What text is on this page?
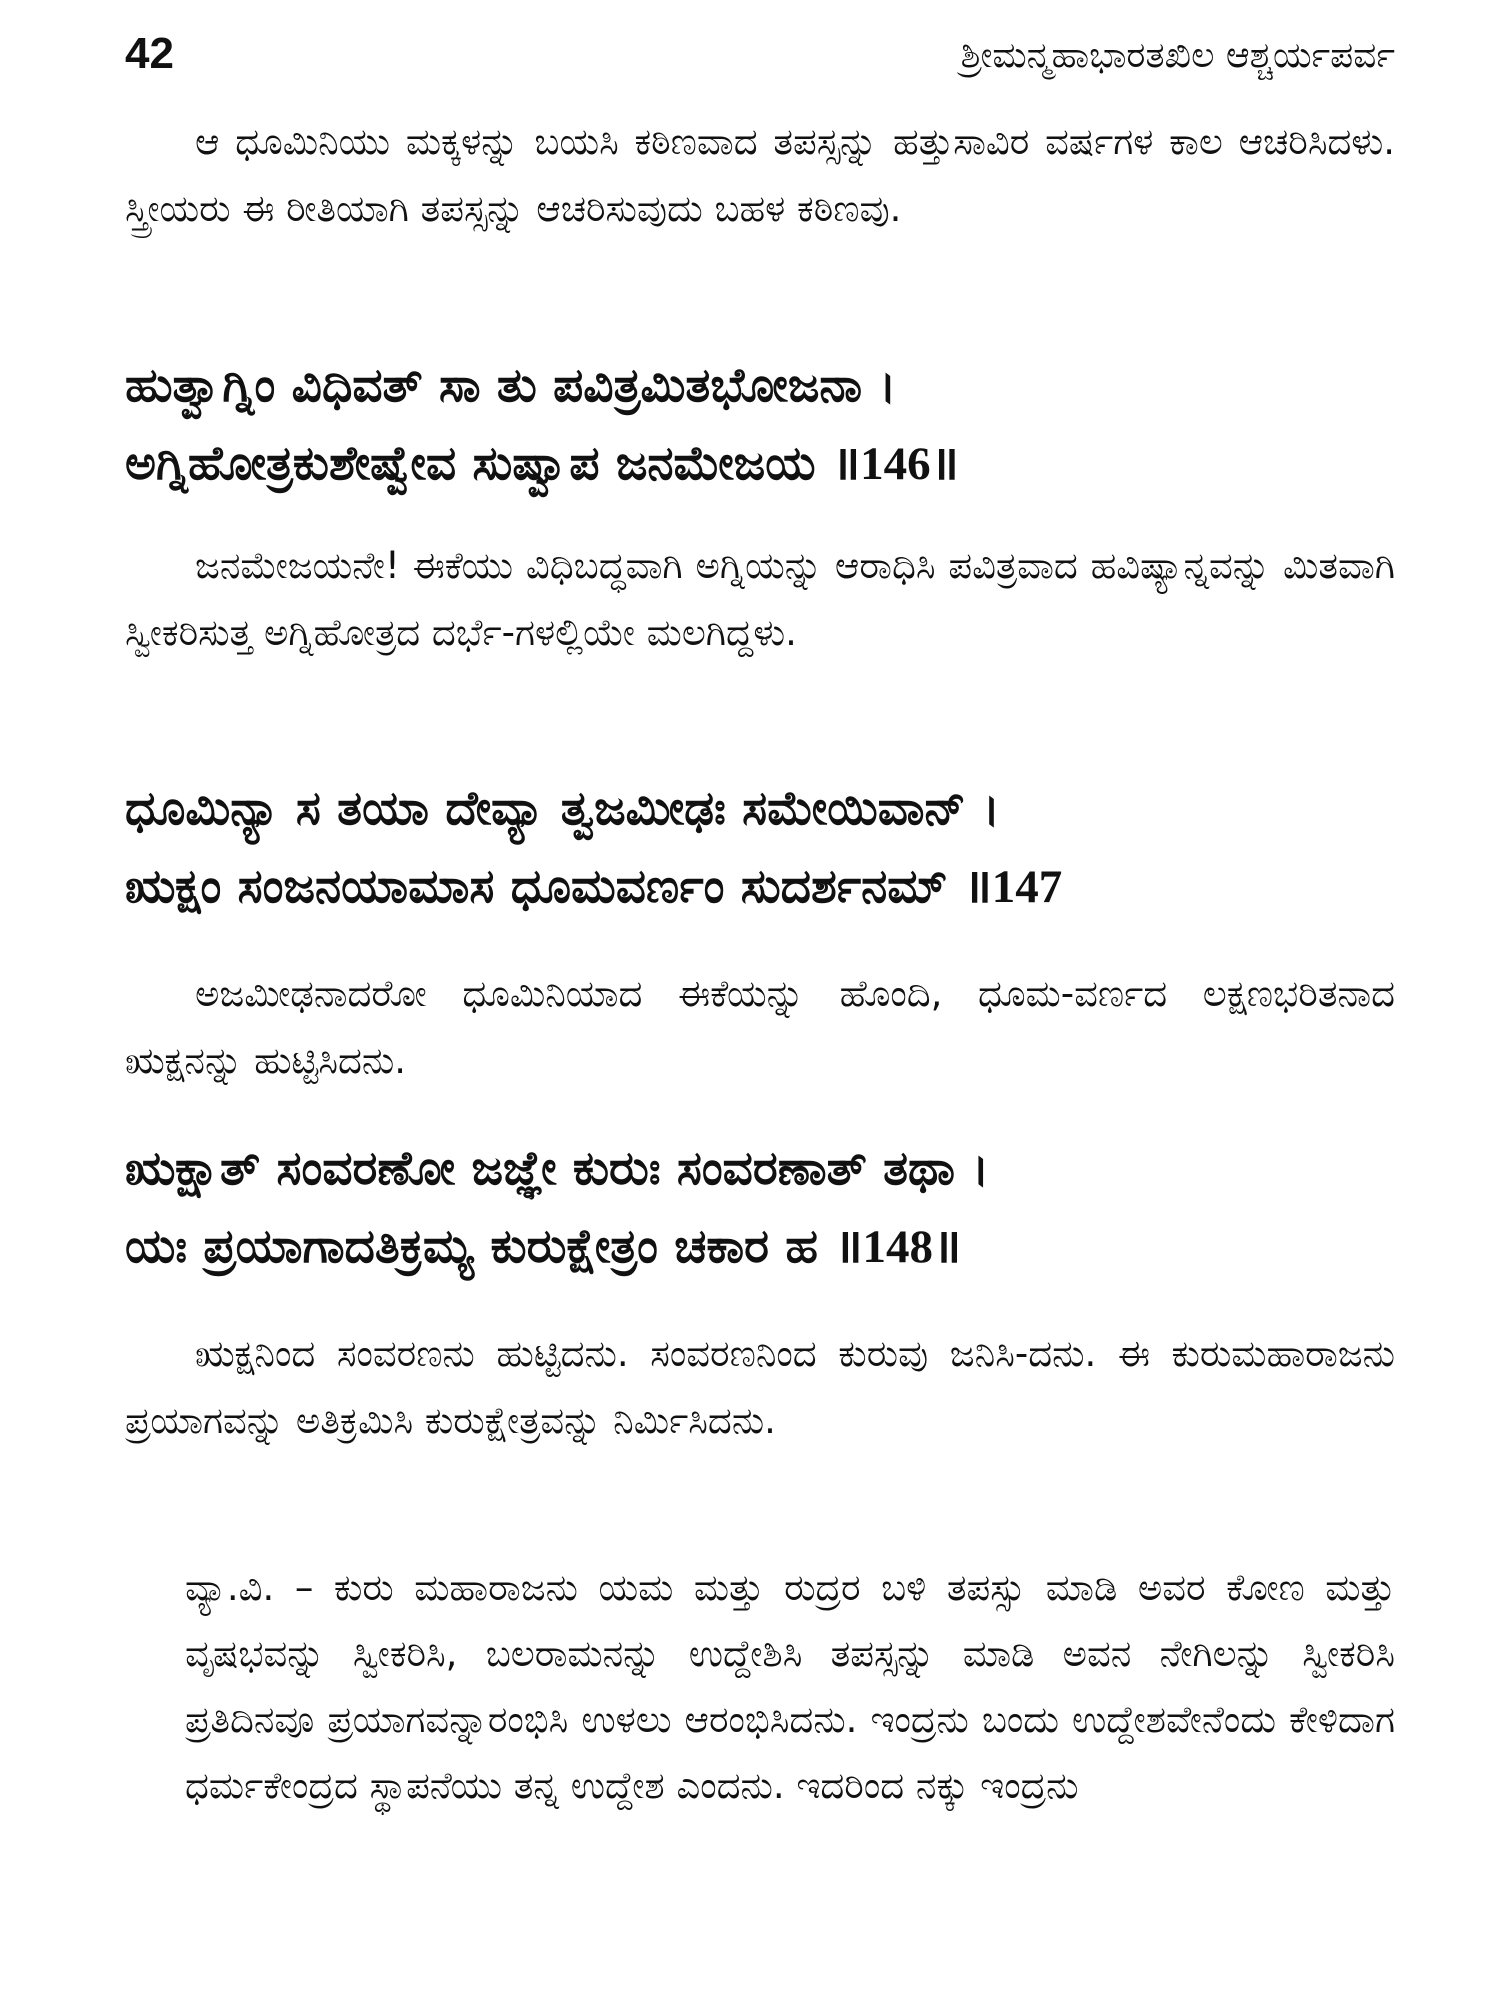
42	ಶ್ರೀಮನ್ಮಹಾಭಾರತಖಿಲ ಆಶ್ಚರ್ಯಪರ್ವ

ಆ ಧೂಮಿನಿಯು ಮಕ್ಕಳನ್ನು ಬಯಸಿ ಕಠಿಣವಾದ ತಪಸ್ಸನ್ನು ಹತ್ತುಸಾವಿರ ವರ್ಷಗಳ ಕಾಲ ಆಚರಿಸಿದಳು. ಸ್ತ್ರೀಯರು ಈ ರೀತಿಯಾಗಿ ತಪಸ್ಸನ್ನು ಆಚರಿಸುವುದು ಬಹಳ ಕಠಿಣವು.

ಹುತ್ವಾಗ್ನಿಂ ವಿಧಿವತ್ ಸಾ ತು ಪವಿತ್ರಮಿತಭೋಜನಾ ।

ಅಗ್ನಿಹೋತ್ರಕುಶೇಷ್ವೇವ ಸುಷ್ವಾಪ ಜನಮೇಜಯ ॥146॥

ಜನಮೇಜಯನೇ! ಈಕೆಯು ವಿಧಿಬದ್ಧವಾಗಿ ಅಗ್ನಿಯನ್ನು ಆರಾಧಿಸಿ ಪವಿತ್ರವಾದ ಹವಿಷ್ಯಾನ್ನವನ್ನು ಮಿತವಾಗಿ ಸ್ವೀಕರಿಸುತ್ತ ಅಗ್ನಿಹೋತ್ರದ ದರ್ಭೆ-ಗಳಲ್ಲಿಯೇ ಮಲಗಿದ್ದಳು.

ಧೂಮಿನ್ಯಾ ಸ ತಯಾ ದೇವ್ಯಾ ತ್ವಜಮೀಢಃ ಸಮೇಯಿವಾನ್ ।

ಋಕ್ಷಂ ಸಂಜನಯಾಮಾಸ ಧೂಮವರ್ಣಂ ಸುದರ್ಶನಮ್ ॥147

ಅಜಮೀಢನಾದರೋ ಧೂಮಿನಿಯಾದ ಈಕೆಯನ್ನು ಹೊಂದಿ, ಧೂಮ-ವರ್ಣದ ಲಕ್ಷಣಭರಿತನಾದ ಋಕ್ಷನನ್ನು ಹುಟ್ಟಿಸಿದನು.

ಋಕ್ಷಾತ್ ಸಂವರಣೋ ಜಜ್ಞೇ ಕುರುಃ ಸಂವರಣಾತ್ ತಥಾ ।

ಯಃ ಪ್ರಯಾಗಾದತಿಕ್ರಮ್ಯ ಕುರುಕ್ಷೇತ್ರಂ ಚಕಾರ ಹ ॥148॥

ಋಕ್ಷನಿಂದ ಸಂವರಣನು ಹುಟ್ಟಿದನು. ಸಂವರಣನಿಂದ ಕುರುವು ಜನಿಸಿ-ದನು. ಈ ಕುರುಮಹಾರಾಜನು ಪ್ರಯಾಗವನ್ನು ಅತಿಕ್ರಮಿಸಿ ಕುರುಕ್ಷೇತ್ರವನ್ನು ನಿರ್ಮಿಸಿದನು.

ವ್ಯಾ.ವಿ. – ಕುರು ಮಹಾರಾಜನು ಯಮ ಮತ್ತು ರುದ್ರರ ಬಳಿ ತಪಸ್ಸು ಮಾಡಿ ಅವರ ಕೋಣ ಮತ್ತು ವೃಷಭವನ್ನು ಸ್ವೀಕರಿಸಿ, ಬಲರಾಮನನ್ನು ಉದ್ದೇಶಿಸಿ ತಪಸ್ಸನ್ನು ಮಾಡಿ ಅವನ ನೇಗಿಲನ್ನು ಸ್ವೀಕರಿಸಿ ಪ್ರತಿದಿನವೂ ಪ್ರಯಾಗವನ್ನಾರಂಭಿಸಿ ಉಳಲು ಆರಂಭಿಸಿದನು. ಇಂದ್ರನು ಬಂದು ಉದ್ದೇಶವೇನೆಂದು ಕೇಳಿದಾಗ ಧರ್ಮಕೇಂದ್ರದ ಸ್ಥಾಪನೆಯು ತನ್ನ ಉದ್ದೇಶ ಎಂದನು. ಇದರಿಂದ ನಕ್ಕು ಇಂದ್ರನು
